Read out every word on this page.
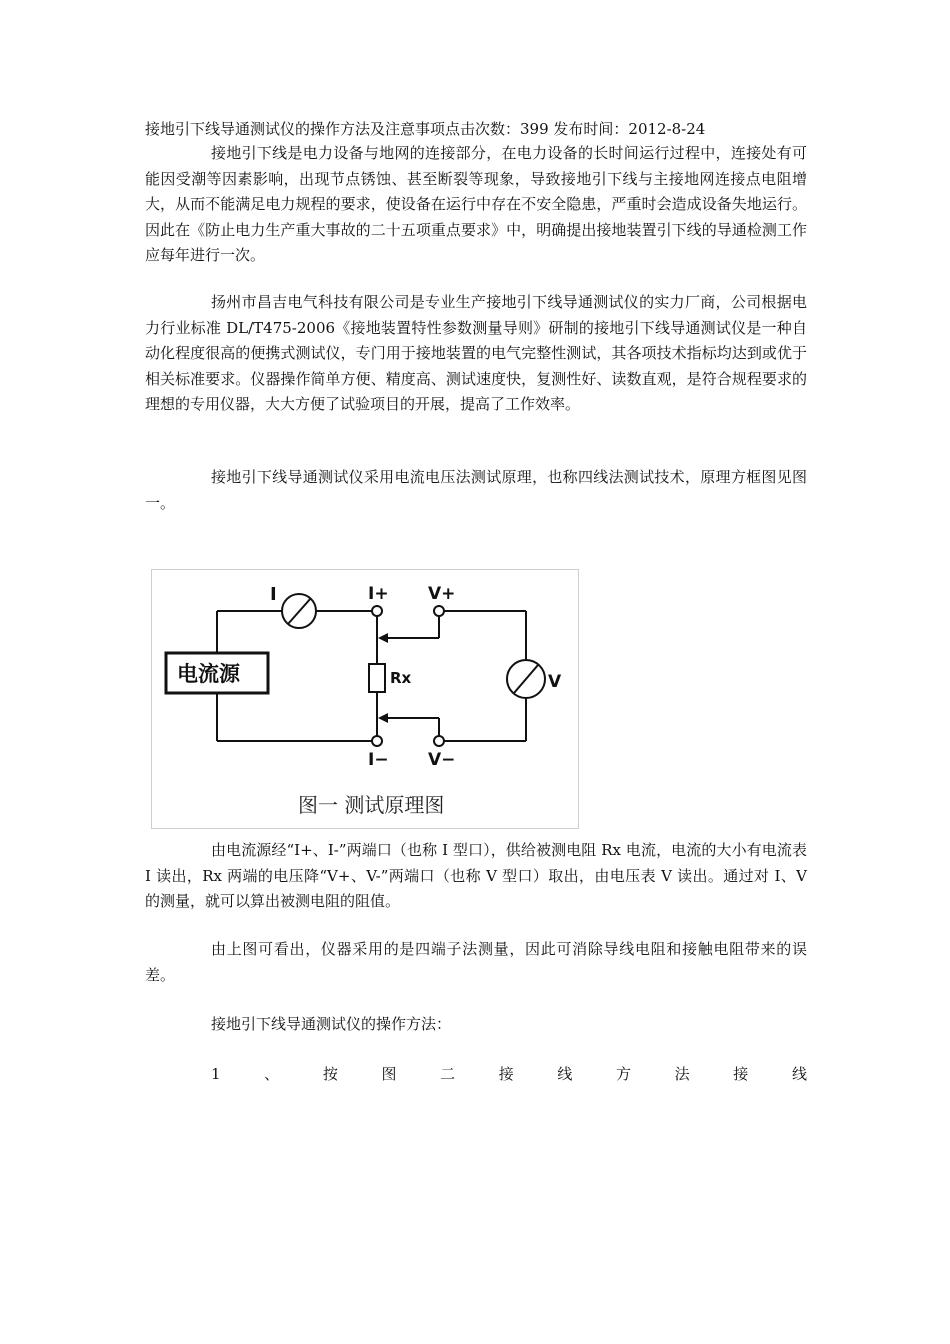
接地引下线导通测试仪的操作方法及注意事项点击次数：399 发布时间：2012-8-24
接地引下线是电力设备与地网的连接部分，在电力设备的长时间运行过程中，连接处有可能因受潮等因素影响，出现节点锈蚀、甚至断裂等现象，导致接地引下线与主接地网连接点电阻增大，从而不能满足电力规程的要求，使设备在运行中存在不安全隐患，严重时会造成设备失地运行。因此在《防止电力生产重大事故的二十五项重点要求》中，明确提出接地装置引下线的导通检测工作应每年进行一次。
扬州市昌吉电气科技有限公司是专业生产接地引下线导通测试仪的实力厂商，公司根据电力行业标准 DL/T475-2006《接地装置特性参数测量导则》研制的接地引下线导通测试仪是一种自动化程度很高的便携式测试仪，专门用于接地装置的电气完整性测试，其各项技术指标均达到或优于相关标准要求。仪器操作简单方便、精度高、测试速度快，复测性好、读数直观，是符合规程要求的理想的专用仪器，大大方便了试验项目的开展，提高了工作效率。
接地引下线导通测试仪采用电流电压法测试原理，也称四线法测试技术，原理方框图见图一。
电流源
I	I+
I−
V+
V−
V
Rx
图一 测试原理图
由电流源经“I+、I-”两端口（也称 I 型口），供给被测电阻 Rx 电流，电流的大小有电流表 I 读出，Rx 两端的电压降“V+、V-”两端口（也称 V 型口）取出，由电压表 V 读出。通过对 I、V 的测量，就可以算出被测电阻的阻值。
由上图可看出，仪器采用的是四端子法测量，因此可消除导线电阻和接触电阻带来的误差。
接地引下线导通测试仪的操作方法：
1	、	按	图	二	接	线	方	法	接	线
